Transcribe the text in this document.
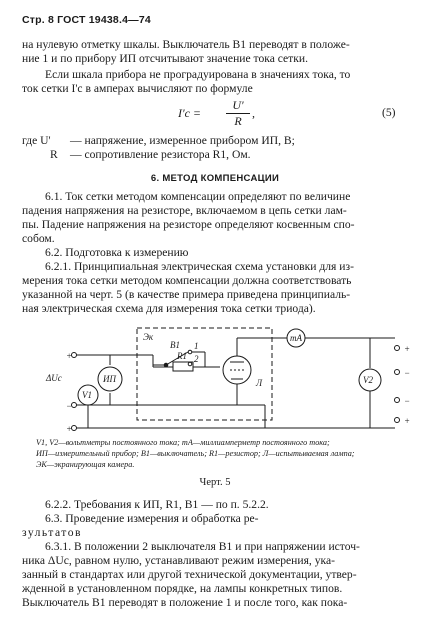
Стр. 8 ГОСТ 19438.4—74
на нулевую отметку шкалы. Выключатель В1 переводят в положе-
ние 1 и по прибору ИП отсчитывают значение тока сетки.
Если шкала прибора не проградуирована в значениях тока, то
ток сетки I'с в амперах вычисляют по формуле
I'с =
U'
R
,	(5)
где U' — напряжение, измеренное прибором ИП, В;
R — сопротивление резистора R1, Ом.
6. МЕТОД КОМПЕНСАЦИИ
6.1. Ток сетки методом компенсации определяют по величине
падения напряжения на резисторе, включаемом в цепь сетки лам-
пы. Падение напряжения на резисторе определяют косвенным спо-
собом.
6.2. Подготовка к измерению
6.2.1. Принципиальная электрическая схема установки для из-
мерения тока сетки методом компенсации должна соответствовать
указанной на черт. 5 (в качестве примера приведена принципиаль-
ная электрическая схема для измерения тока сетки триода).
Эк
В1 1
2
R1
Л
mA
V1
V2
ИП
ΔUс
+
−
+
+
−
−
+
V1, V2—вольтметры постоянного тока; mA—миллиамперметр постоянного тока;
ИП—измерительный прибор; В1—выключатель; R1—резистор; Л—испытываемая лампа;
ЭК—экранирующая камера.
Черт. 5
6.2.2. Требования к ИП, R1, В1 — по п. 5.2.2.
6.3. Проведение измерения и обработка ре-
зультатов
6.3.1. В положении 2 выключателя В1 и при напряжении источ-
ника ΔUс, равном нулю, устанавливают режим измерения, ука-
занный в стандартах или другой технической документации, утвер-
жденной в установленном порядке, на лампы конкретных типов.
Выключатель В1 переводят в положение 1 и после того, как пока-
